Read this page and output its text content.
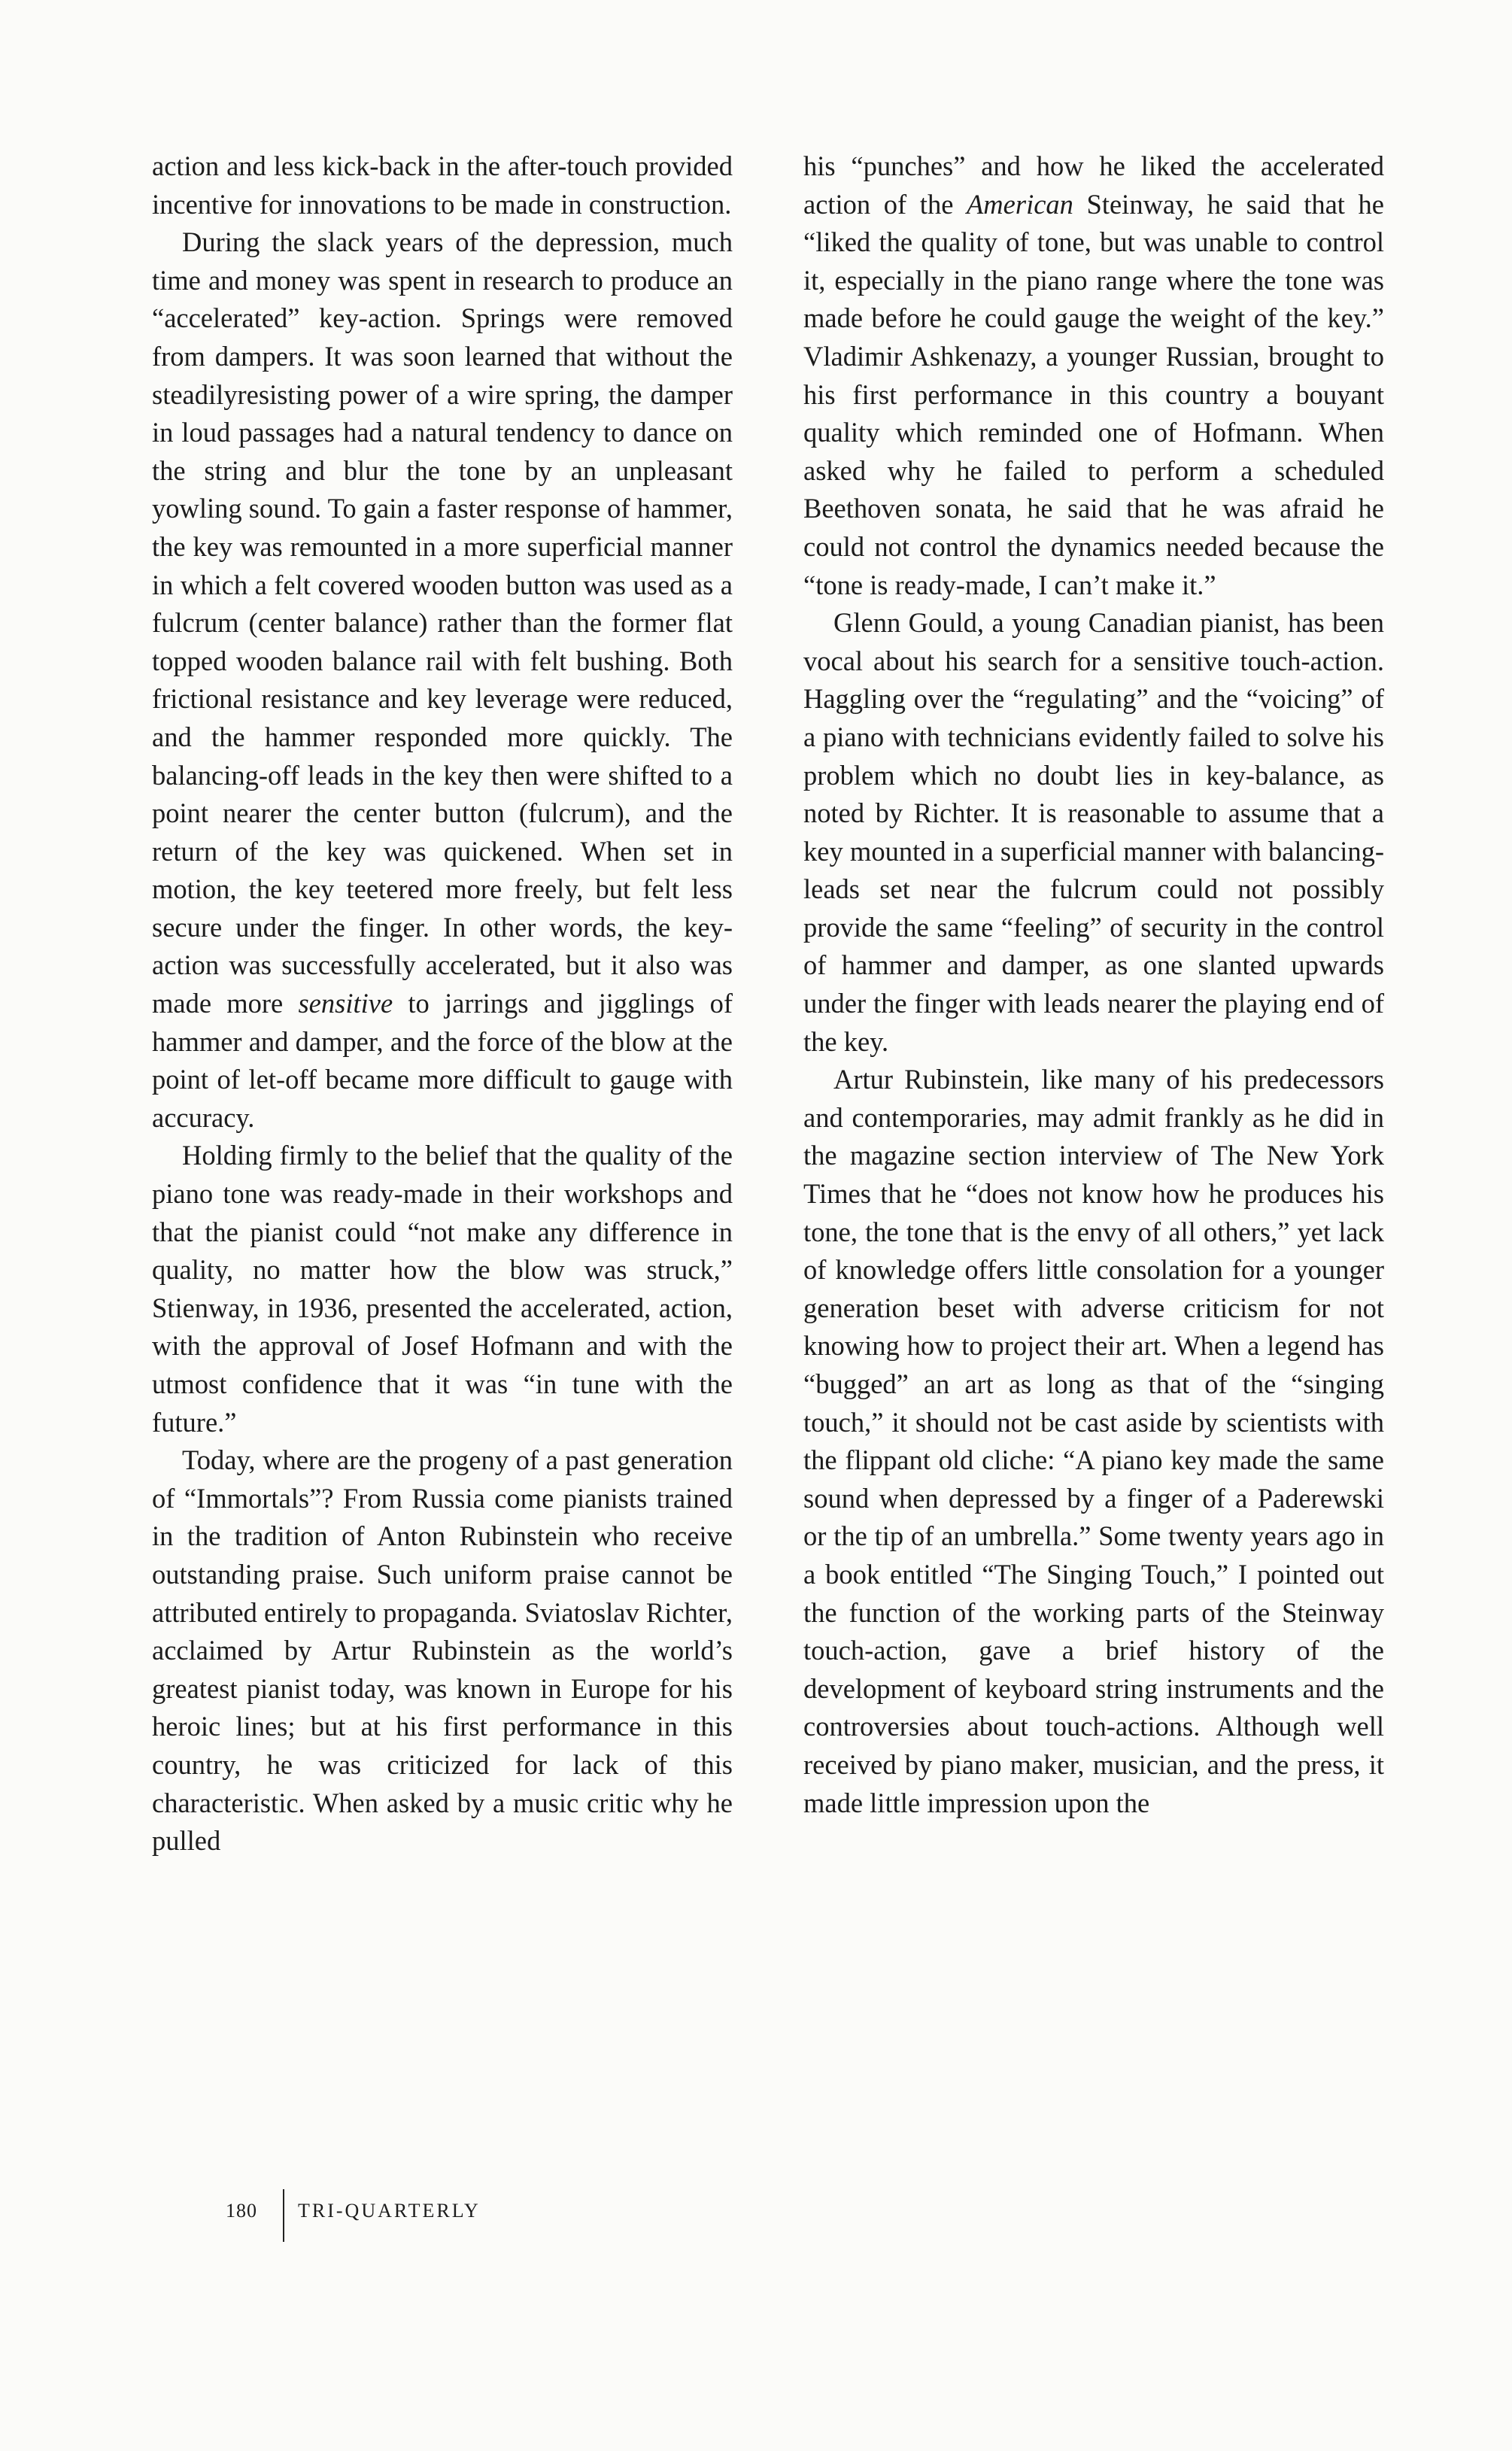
action and less kick-back in the after-touch provided incentive for innovations to be made in construction.

During the slack years of the depression, much time and money was spent in research to produce an “accelerated” key-action. Springs were removed from dampers. It was soon learned that without the steadilyresisting power of a wire spring, the damper in loud passages had a natural tendency to dance on the string and blur the tone by an unpleasant yowling sound. To gain a faster response of hammer, the key was remounted in a more superficial manner in which a felt covered wooden button was used as a fulcrum (center balance) rather than the former flat topped wooden balance rail with felt bushing. Both frictional resistance and key leverage were reduced, and the hammer responded more quickly. The balancing-off leads in the key then were shifted to a point nearer the center button (fulcrum), and the return of the key was quickened. When set in motion, the key teetered more freely, but felt less secure under the finger. In other words, the key-action was successfully accelerated, but it also was made more sensitive to jarrings and jigglings of hammer and damper, and the force of the blow at the point of let-off became more difficult to gauge with accuracy.

Holding firmly to the belief that the quality of the piano tone was ready-made in their workshops and that the pianist could “not make any difference in quality, no matter how the blow was struck,” Stienway, in 1936, presented the accelerated, action, with the approval of Josef Hofmann and with the utmost confidence that it was “in tune with the future.”

Today, where are the progeny of a past generation of “Immortals”? From Russia come pianists trained in the tradition of Anton Rubinstein who receive outstanding praise. Such uniform praise cannot be attributed entirely to propaganda. Sviatoslav Richter, acclaimed by Artur Rubinstein as the world’s greatest pianist today, was known in Europe for his heroic lines; but at his first performance in this country, he was criticized for lack of this characteristic. When asked by a music critic why he pulled

his “punches” and how he liked the accelerated action of the American Steinway, he said that he “liked the quality of tone, but was unable to control it, especially in the piano range where the tone was made before he could gauge the weight of the key.” Vladimir Ashkenazy, a younger Russian, brought to his first performance in this country a bouyant quality which reminded one of Hofmann. When asked why he failed to perform a scheduled Beethoven sonata, he said that he was afraid he could not control the dynamics needed because the “tone is ready-made, I can’t make it.”

Glenn Gould, a young Canadian pianist, has been vocal about his search for a sensitive touch-action. Haggling over the “regulating” and the “voicing” of a piano with technicians evidently failed to solve his problem which no doubt lies in key-balance, as noted by Richter. It is reasonable to assume that a key mounted in a superficial manner with balancing-leads set near the fulcrum could not possibly provide the same “feeling” of security in the control of hammer and damper, as one slanted upwards under the finger with leads nearer the playing end of the key.

Artur Rubinstein, like many of his predecessors and contemporaries, may admit frankly as he did in the magazine section interview of The New York Times that he “does not know how he produces his tone, the tone that is the envy of all others,” yet lack of knowledge offers little consolation for a younger generation beset with adverse criticism for not knowing how to project their art. When a legend has “bugged” an art as long as that of the “singing touch,” it should not be cast aside by scientists with the flippant old cliche: “A piano key made the same sound when depressed by a finger of a Paderewski or the tip of an umbrella.” Some twenty years ago in a book entitled “The Singing Touch,” I pointed out the function of the working parts of the Steinway touch-action, gave a brief history of the development of keyboard string instruments and the controversies about touch-actions. Although well received by piano maker, musician, and the press, it made little impression upon the

180 TRI-QUARTERLY
